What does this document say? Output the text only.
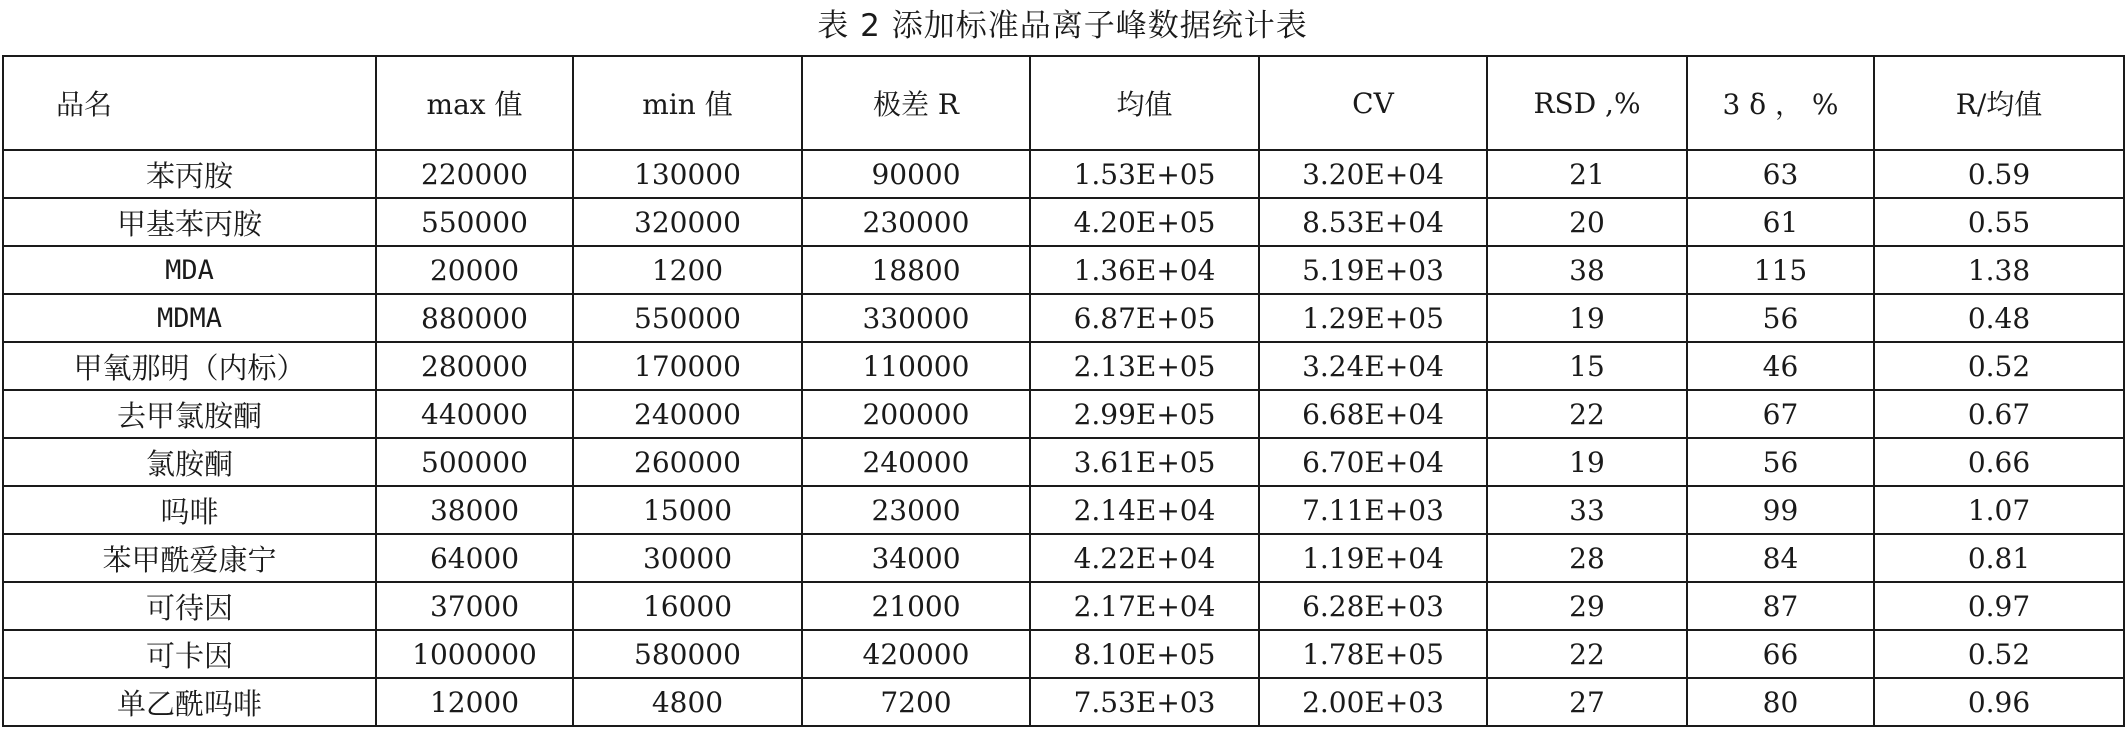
表 2 添加标准品离子峰数据统计表
品名	max 值	min 值	极差 R	均值	CV	RSD ,%	3 δ ， %	R/均值
苯丙胺	220000	130000	90000	1.53E+05	3.20E+04	21	63	0.59
甲基苯丙胺	550000	320000	230000	4.20E+05	8.53E+04	20	61	0.55
MDA	20000	1200	18800	1.36E+04	5.19E+03	38	115	1.38
MDMA	880000	550000	330000	6.87E+05	1.29E+05	19	56	0.48
甲氧那明（内标）	280000	170000	110000	2.13E+05	3.24E+04	15	46	0.52
去甲氯胺酮	440000	240000	200000	2.99E+05	6.68E+04	22	67	0.67
氯胺酮	500000	260000	240000	3.61E+05	6.70E+04	19	56	0.66
吗啡	38000	15000	23000	2.14E+04	7.11E+03	33	99	1.07
苯甲酰爱康宁	64000	30000	34000	4.22E+04	1.19E+04	28	84	0.81
可待因	37000	16000	21000	2.17E+04	6.28E+03	29	87	0.97
可卡因	1000000	580000	420000	8.10E+05	1.78E+05	22	66	0.52
单乙酰吗啡	12000	4800	7200	7.53E+03	2.00E+03	27	80	0.96
